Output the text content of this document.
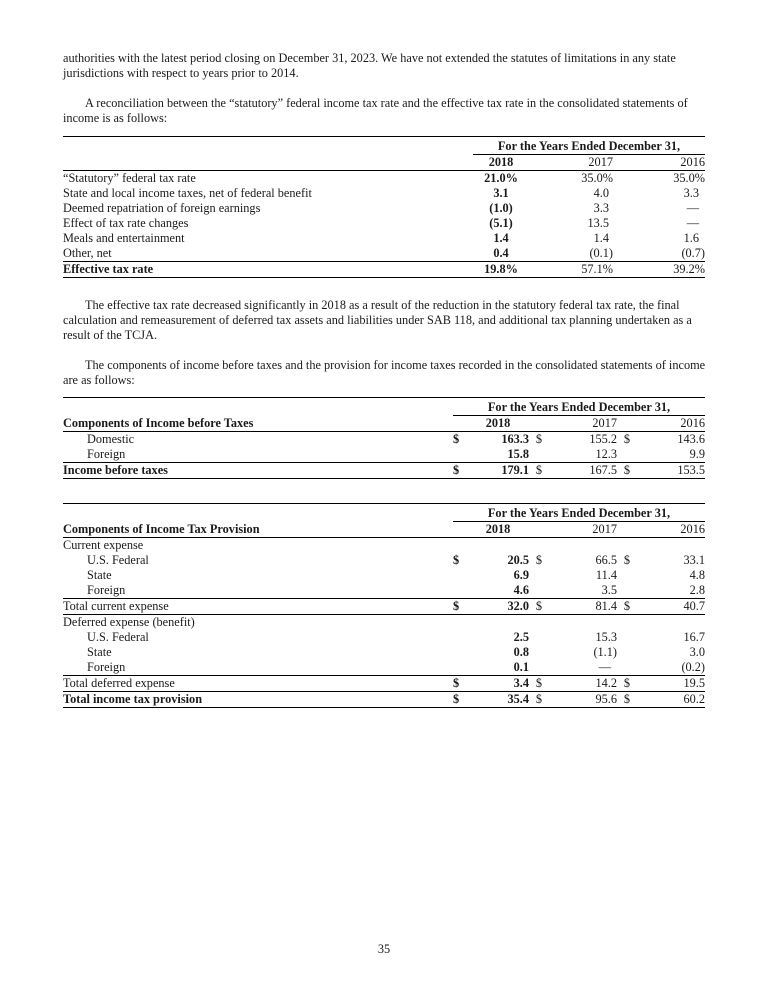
authorities with the latest period closing on December 31, 2023. We have not extended the statutes of limitations in any state jurisdictions with respect to years prior to 2014.

A reconciliation between the “statutory” federal income tax rate and the effective tax rate in the consolidated statements of income is as follows:

	For the Years Ended December 31,		
	2018	2017	2016
“Statutory” federal tax rate	21.0%	35.0%	35.0%
State and local income taxes, net of federal benefit	3.1	4.0	3.3
Deemed repatriation of foreign earnings	(1.0)	3.3	—
Effect of tax rate changes	(5.1)	13.5	—
Meals and entertainment	1.4	1.4	1.6
Other, net	0.4	(0.1)	(0.7)
Effective tax rate	19.8%	57.1%	39.2%

The effective tax rate decreased significantly in 2018 as a result of the reduction in the statutory federal tax rate, the final calculation and remeasurement of deferred tax assets and liabilities under SAB 118, and additional tax planning undertaken as a result of the TCJA.

The components of income before taxes and the provision for income taxes recorded in the consolidated statements of income are as follows:

	For the Years Ended December 31,					
Components of Income before Taxes		2018		2017		2016
Domestic	$	163.3	$	155.2	$	143.6
Foreign		15.8		12.3		9.9
Income before taxes	$	179.1	$	167.5	$	153.5
	For the Years Ended December 31,					
Components of Income Tax Provision		2018		2017		2016
Current expense						
U.S. Federal	$	20.5	$	66.5	$	33.1
State		6.9		11.4		4.8
Foreign		4.6		3.5		2.8
Total current expense	$	32.0	$	81.4	$	40.7
Deferred expense (benefit)						
U.S. Federal		2.5		15.3		16.7
State		0.8		(1.1)		3.0
Foreign		0.1		—		(0.2)
Total deferred expense	$	3.4	$	14.2	$	19.5
Total income tax provision	$	35.4	$	95.6	$	60.2
35
